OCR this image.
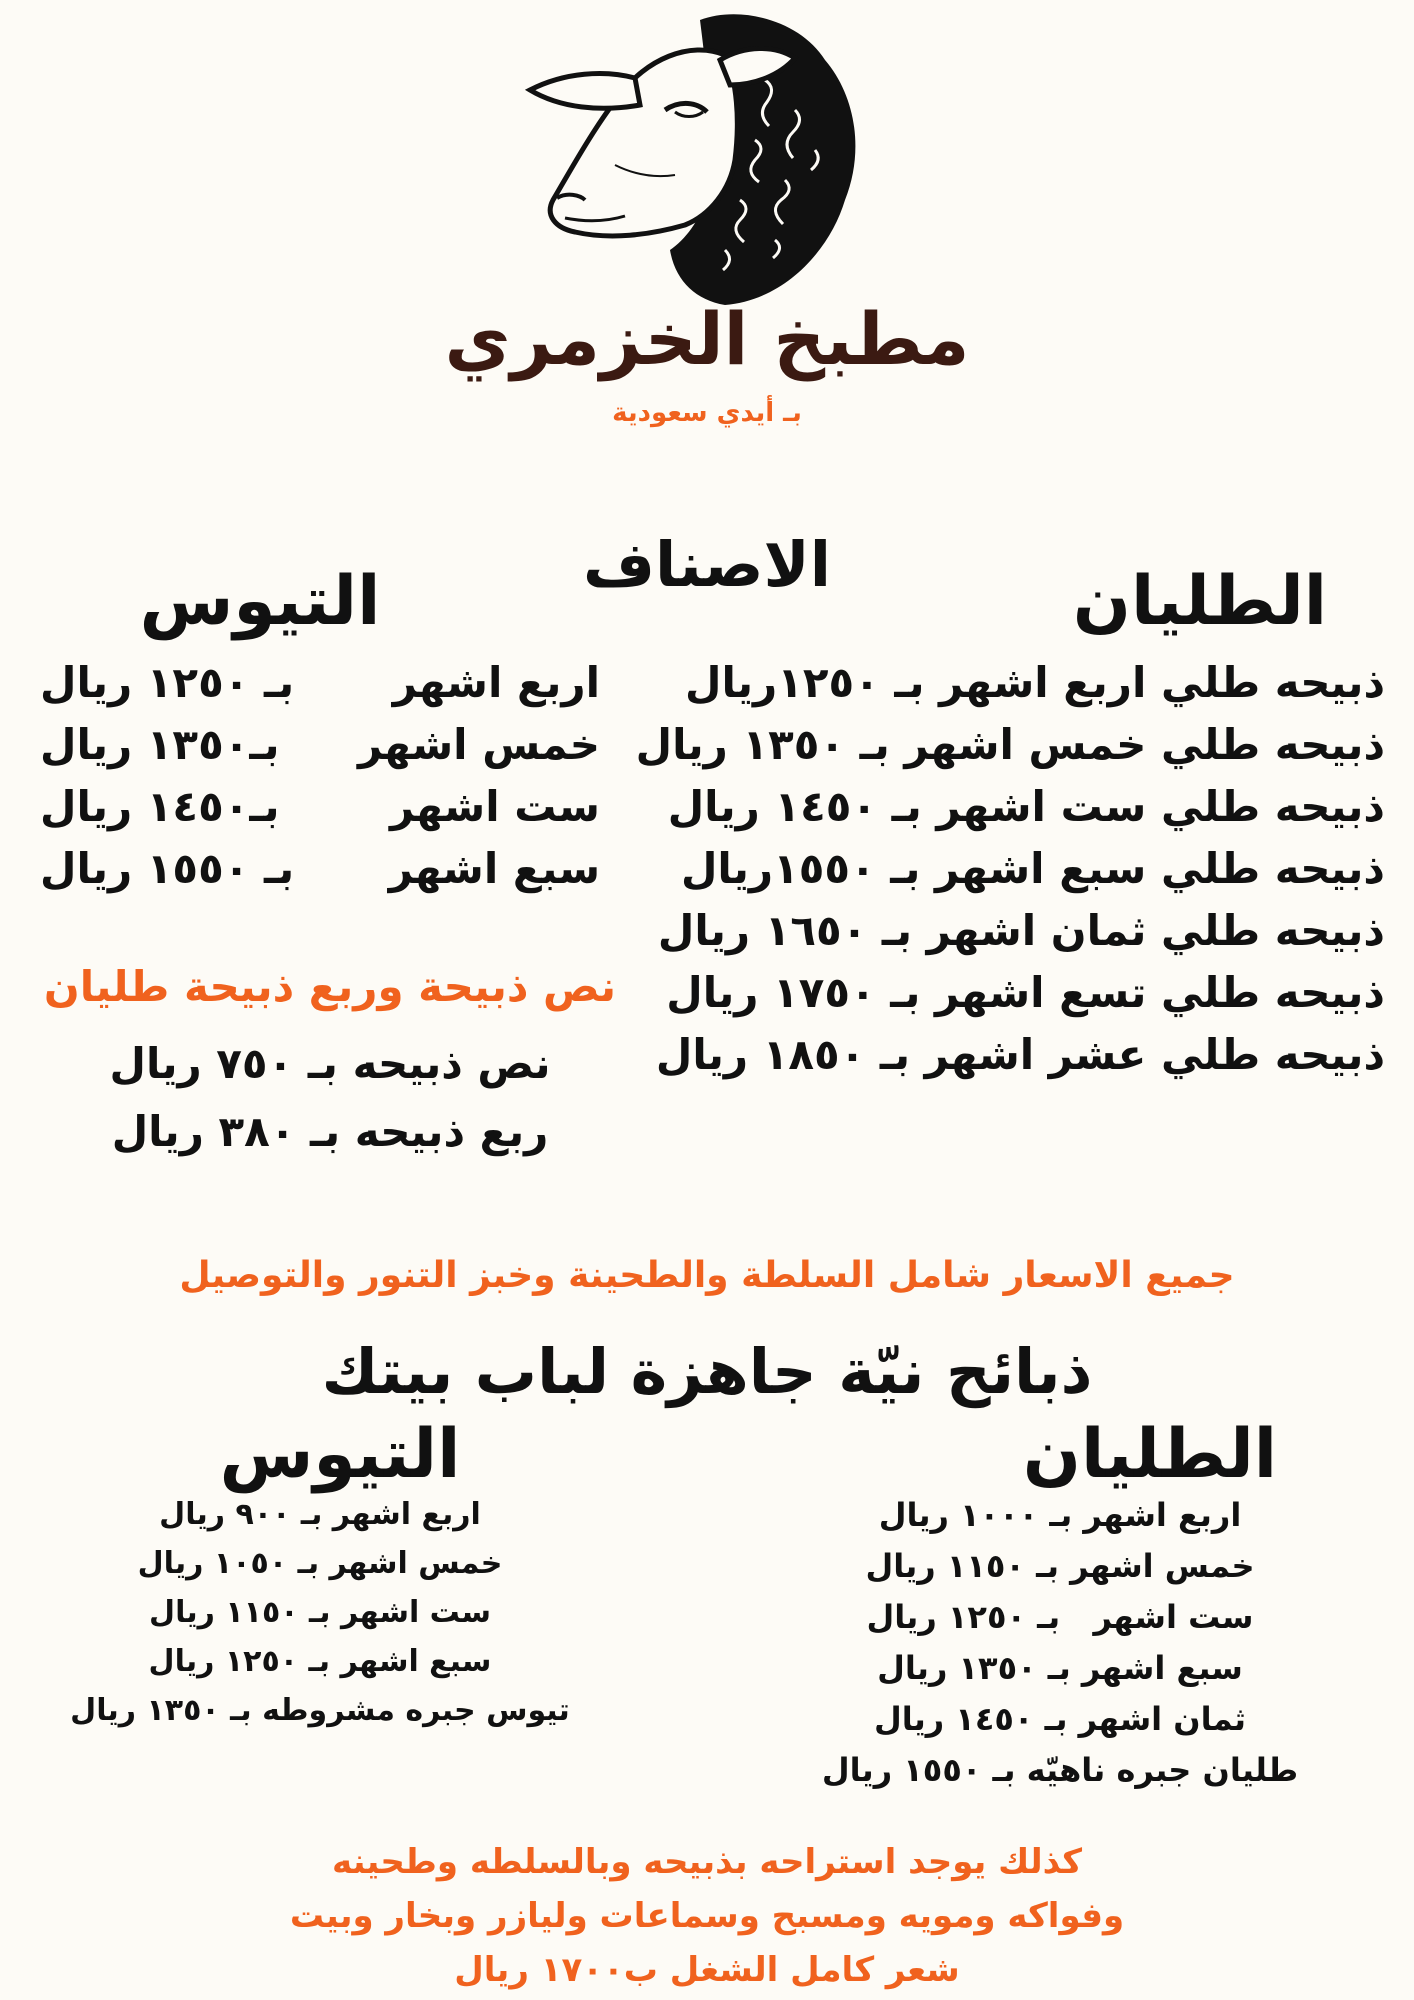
مطبخ الخزمري
بـ أيدي سعودية
الاصناف	الطليان
ذبيحه طلي اربع اشهر بـ ١٢٥٠ريال
ذبيحه طلي خمس اشهر بـ ١٣٥٠ ريال
ذبيحه طلي ست اشهر بـ ١٤٥٠ ريال
ذبيحه طلي سبع اشهر بـ ١٥٥٠ريال
ذبيحه طلي ثمان اشهر بـ ١٦٥٠ ريال
ذبيحه طلي تسع اشهر بـ ١٧٥٠ ريال
ذبيحه طلي عشر اشهر بـ ١٨٥٠ ريال
التيوس
اربع اشهر
بـ ١٢٥٠ ريال
خمس اشهر
بـ١٣٥٠ ريال
ست اشهر
بـ١٤٥٠ ريال
سبع اشهر
بـ ١٥٥٠ ريال
نص ذبيحة وربع ذبيحة طليان
نص ذبيحه بـ ٧٥٠ ريال
ربع ذبيحه بـ ٣٨٠ ريال
جميع الاسعار شامل السلطة والطحينة وخبز التنور والتوصيل
ذبائح نيّة جاهزة لباب بيتك
الطليان
اربع اشهر بـ ١٠٠٠ ريال
خمس اشهر بـ ١١٥٠ ريال
ست اشهر   بـ ١٢٥٠ ريال
سبع اشهر بـ ١٣٥٠ ريال
ثمان اشهر بـ ١٤٥٠ ريال
طليان جبره ناهيّه بـ ١٥٥٠ ريال
التيوس
اربع اشهر بـ ٩٠٠ ريال
خمس اشهر بـ ١٠٥٠ ريال
ست اشهر بـ ١١٥٠ ريال
سبع اشهر بـ ١٢٥٠ ريال
تيوس جبره مشروطه بـ ١٣٥٠ ريال
كذلك يوجد استراحه بذبيحه وبالسلطه وطحينه
وفواكه ومويه ومسبح وسماعات وليازر وبخار وبيت
شعر كامل الشغل ب١٧٠٠ ريال
